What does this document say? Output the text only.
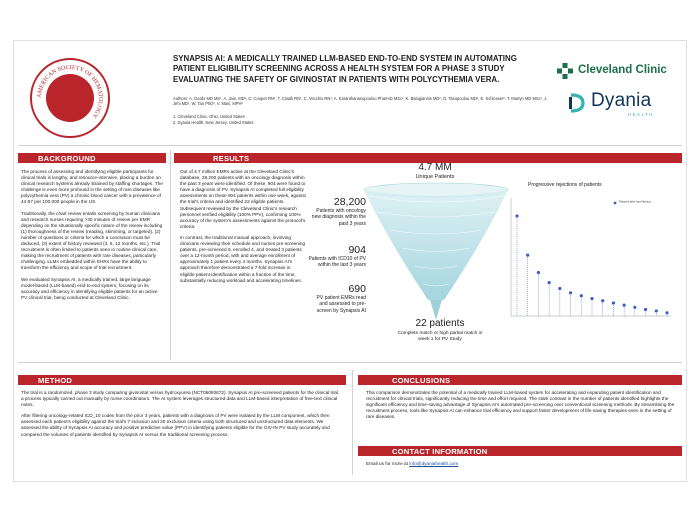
AMERICAN SOCIETY OF HEMATOLOGY
SYNAPSIS AI: A MEDICALLY TRAINED LLM-BASED END-TO-END SYSTEM IN AUTOMATING PATIENT ELIGIBILITY SCREENING ACROSS A HEALTH SYSTEM FOR A PHASE 3 STUDY EVALUATING THE SAFETY OF GIVINOSTAT IN PATIENTS WITH POLYCYTHEMIA VERA.
Authors: A. Gerds MD MS¹, A. Jain, MD², C. Cooper RN¹, T. Cinalli RN¹, C. Vecchio RN¹, A. Karanthanasopoulou PharmD MSc², K. Balogiannis MD², O. Tasopoulou MD², E. Schlosser², T. Martyn MD MSc¹, J. Jehi MD¹, W. Tan PhD², V. Mavi, MPH²
1. Cleveland Clinic, Ohio, United States
2. Dyania Health, New Jersey, United States
Cleveland Clinic
Dyania
HEALTH
BACKGROUND

The process of assessing and identifying eligible participants for clinical trials is lengthy, and resource-intensive, placing a burden on clinical research systems already strained by staffing shortages. The challenge is even more profound in the setting of rare diseases like polycythemia vera (PV) a chronic blood cancer with a prevalence of 44-57 per 100,000 people in the US.

Traditionally, the chart review entails screening by human clinicians and research nurses requiring >30 minutes of review per EMR depending on the situationally specific nature of the review including (1) thoroughness of the review (reading, skimming, or targeted), (2) number of questions or criteria for which a conclusion must be deduced, (3) extent of history reviewed (3, 6, 12 months, etc.). Trial recruitment is often limited to patients seen in routine clinical care, making the recruitment of patients with rare diseases, particularly challenging. LLMs embedded within EHRs have the ability to transform the efficiency and scope of trial recruitment.

We evaluated Synapsis AI, a medically trained, large language model-based (LLM-based) end-to-end system, focusing on its accuracy and efficiency in identifying eligible patients for an active PV clinical trial, being conducted at Cleveland Clinic.

RESULTS

Out of 4.7 million EMRs active at the Cleveland Clinic's database, 28,200 patients with an oncology diagnosis within the past 3 years were identified. Of these, 904 were found to have a diagnosis of PV. Synapsis AI completed full eligibility assessments on these 904 patients within one week, against the trial's criteria and identified 22 eligible patients. Subsequent reviewed by the Cleveland Clinic's research personnel verified eligibility (100% PPV), confirming 100% accuracy of the system's assessments against the protocol's criteria.

In contrast, the traditional manual approach, involving clinicians reviewing their schedule and nurses pre-screening patients, pre-screened 9, enrolled 4, and treated 3 patients over a 12-month period, with and average enrollment of approximately 1 patient every 4 months. Synapsis AI's approach therefore demonstrated a 7-fold increase in eligible patient identification within a fraction of the time, substantially reducing workload and accelerating timelines.

4.7 MM
Unique Patients
28,200
Patients with oncology new diagnosis within the past 3 years
904
Patients with ICD10 of PV within the last 3 years
690
PV patient EMRs read and assessed to pre-screen by Synapsis AI
22 patients
Complete match or high partial match in week 1 for PV Study
Progressive rejections of patients
Patients after fact filtering
METHOD

The trial is a randomized, phase 3 study comparing givinostat versus hydroxyurea (NCT06093672). Synapsis AI pre-screened patients for the clinical trial, a process typically carried out manually by nurse coordinators. The AI system leverages structured data and LLM-based interpretation of free-text clinical notes.

After filtering oncology-related ICD_10 codes from the prior 3 years, patients with a diagnosis of PV were isolated by the LLM component, which then assessed each patient's eligibility against the trial's 7 inclusion and 20 exclusion criteria using both structured and unstructured data elements. We assessed the ability of Synapsis AI accuracy and positive predictive value (PPV) in identifying patients eligible for the GIV-IN PV study accurately and compared the volumes of patients identified by Synapsis AI versus the traditional screening process.

CONCLUSIONS
This comparison demonstrates the potential of a medically trained LLM-based system for accelerating and expanding patient identification and recruitment for clinical trials, significantly reducing the time and effort required. The stark contrast in the number of patients identified highlights the significant efficiency and time-saving advantage of Synapsis AI's automated pre-screening over conventional screening methods. By streamlining the recruitment process, tools like Synapsis AI can enhance trial efficiency and support faster development of life-saving therapies even in the setting of rare diseases.
CONTACT INFORMATION
Email us for more at info@dyaniahealth.com
